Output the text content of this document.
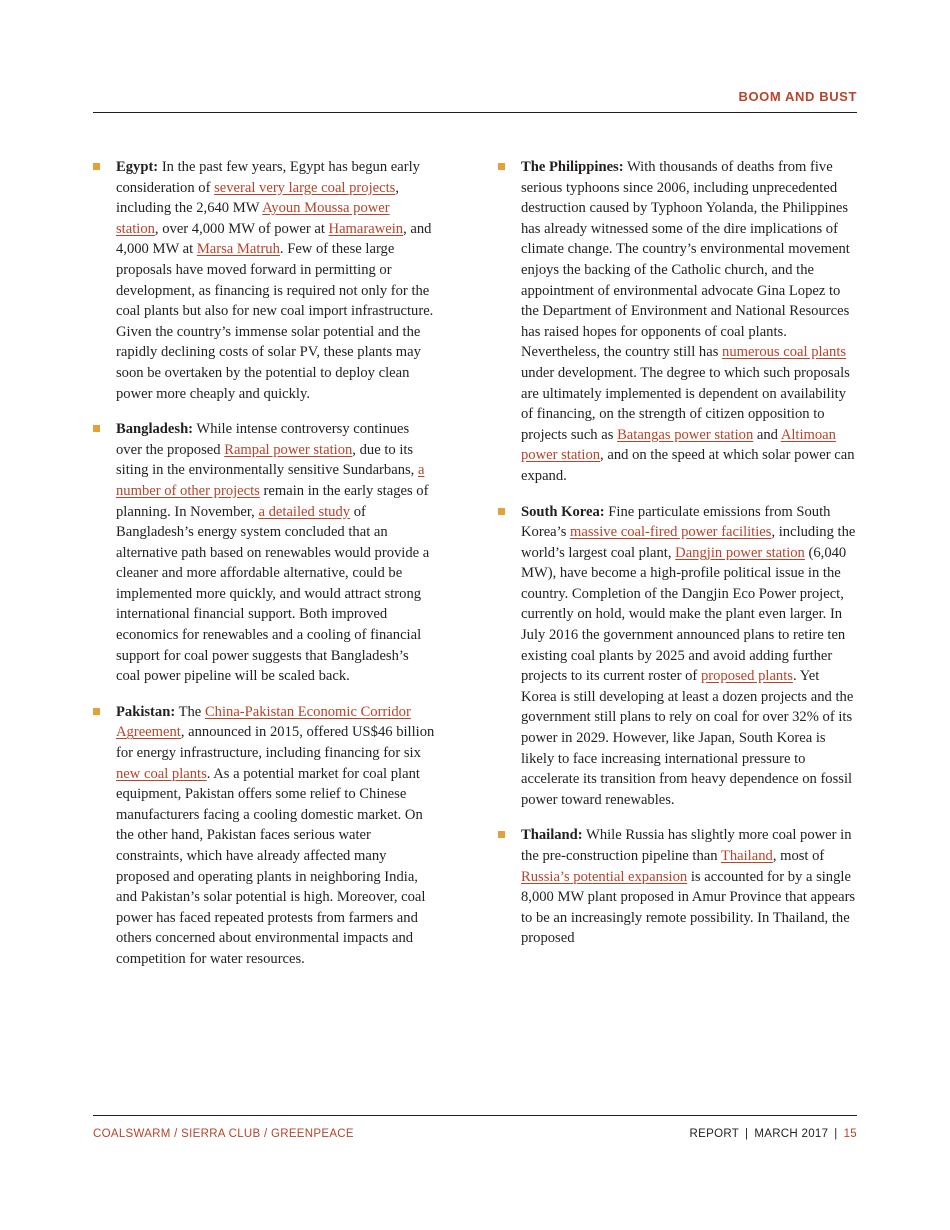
BOOM AND BUST

Egypt: In the past few years, Egypt has begun early consideration of several very large coal projects, including the 2,640 MW Ayoun Moussa power station, over 4,000 MW of power at Hamarawein, and 4,000 MW at Marsa Matruh. Few of these large proposals have moved forward in permitting or development, as financing is required not only for the coal plants but also for new coal import infrastructure. Given the country’s immense solar potential and the rapidly declining costs of solar PV, these plants may soon be overtaken by the potential to deploy clean power more cheaply and quickly.

Bangladesh: While intense controversy continues over the proposed Rampal power station, due to its siting in the environmentally sensitive Sundarbans, a number of other projects remain in the early stages of planning. In November, a detailed study of Bangladesh’s energy system concluded that an alternative path based on renewables would provide a cleaner and more affordable alternative, could be implemented more quickly, and would attract strong international financial support. Both improved economics for renewables and a cooling of financial support for coal power suggests that Bangladesh’s coal power pipeline will be scaled back.

Pakistan: The China-Pakistan Economic Corridor Agreement, announced in 2015, offered US$46 billion for energy infrastructure, including financing for six new coal plants. As a potential market for coal plant equipment, Pakistan offers some relief to Chinese manufacturers facing a cooling domestic market. On the other hand, Pakistan faces serious water constraints, which have already affected many proposed and operating plants in neighboring India, and Pakistan’s solar potential is high. Moreover, coal power has faced repeated protests from farmers and others concerned about environmental impacts and competition for water resources.

The Philippines: With thousands of deaths from five serious typhoons since 2006, including unprecedented destruction caused by Typhoon Yolanda, the Philippines has already witnessed some of the dire implications of climate change. The country’s environmental movement enjoys the backing of the Catholic church, and the appointment of environmental advocate Gina Lopez to the Department of Environment and National Resources has raised hopes for opponents of coal plants. Nevertheless, the country still has numerous coal plants under development. The degree to which such proposals are ultimately implemented is dependent on availability of financing, on the strength of citizen opposition to projects such as Batangas power station and Altimoan power station, and on the speed at which solar power can expand.

South Korea: Fine particulate emissions from South Korea’s massive coal-fired power facilities, including the world’s largest coal plant, Dangjin power station (6,040 MW), have become a high-profile political issue in the country. Completion of the Dangjin Eco Power project, currently on hold, would make the plant even larger. In July 2016 the government announced plans to retire ten existing coal plants by 2025 and avoid adding further projects to its current roster of proposed plants. Yet Korea is still developing at least a dozen projects and the government still plans to rely on coal for over 32% of its power in 2029. However, like Japan, South Korea is likely to face increasing international pressure to accelerate its transition from heavy dependence on fossil power toward renewables.

Thailand: While Russia has slightly more coal power in the pre-construction pipeline than Thailand, most of Russia’s potential expansion is accounted for by a single 8,000 MW plant proposed in Amur Province that appears to be an increasingly remote possibility. In Thailand, the proposed

COALSWARM / SIERRA CLUB / GREENPEACE	REPORT | MARCH 2017 | 15
